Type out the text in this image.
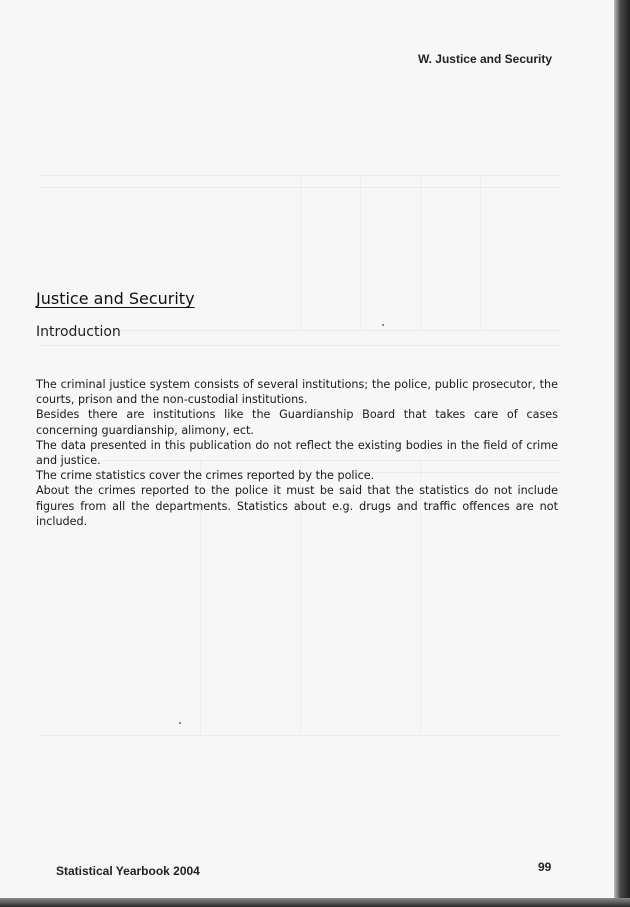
W. Justice and Security
Justice and Security
Introduction

The criminal justice system consists of several institutions; the police, public prosecutor, the courts, prison and the non-custodial institutions.

Besides there are institutions like the Guardianship Board that takes care of cases concerning guardianship, alimony, ect.

The data presented in this publication do not reflect the existing bodies in the field of crime and justice.

The crime statistics cover the crimes reported by the police.

About the crimes reported to the police it must be said that the statistics do not include figures from all the departments. Statistics about e.g. drugs and traffic offences are not included.

Statistical Yearbook 2004	99
